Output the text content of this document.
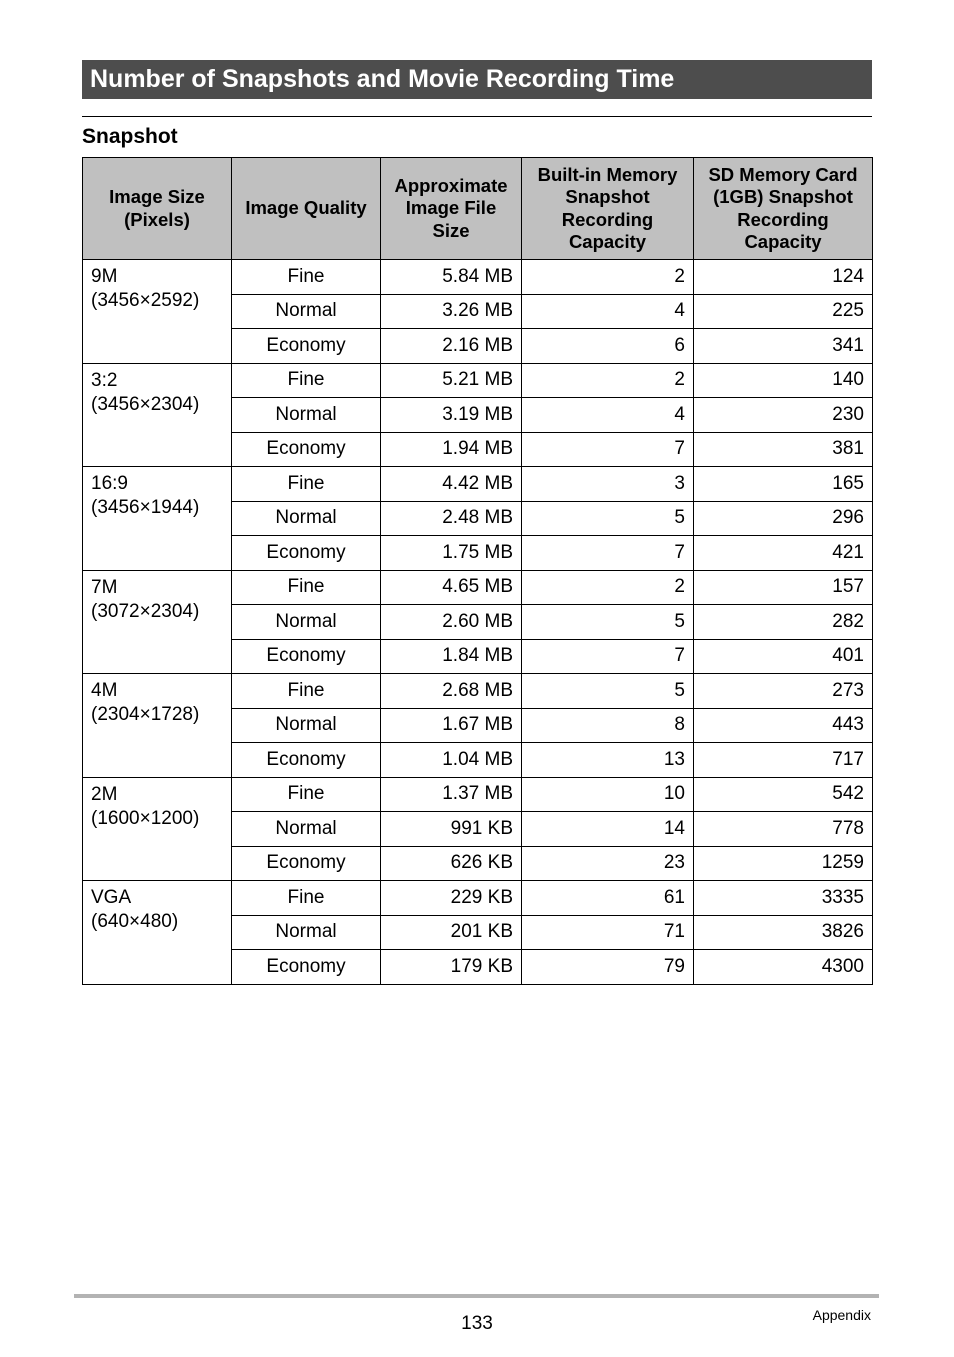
Number of Snapshots and Movie Recording Time
Snapshot
Image Size (Pixels)	Image Quality	Approximate Image File Size	Built-in Memory Snapshot Recording Capacity	SD Memory Card (1GB) Snapshot Recording Capacity

9M
(3456×2592)	Fine	5.84 MB	2	124
	Normal	3.26 MB	4	225
	Economy	2.16 MB	6	341

3:2
(3456×2304)	Fine	5.21 MB	2	140
	Normal	3.19 MB	4	230
	Economy	1.94 MB	7	381

16:9
(3456×1944)	Fine	4.42 MB	3	165
	Normal	2.48 MB	5	296
	Economy	1.75 MB	7	421

7M
(3072×2304)	Fine	4.65 MB	2	157
	Normal	2.60 MB	5	282
	Economy	1.84 MB	7	401

4M
(2304×1728)	Fine	2.68 MB	5	273
	Normal	1.67 MB	8	443
	Economy	1.04 MB	13	717

2M
(1600×1200)	Fine	1.37 MB	10	542
	Normal	991 KB	14	778
	Economy	626 KB	23	1259

VGA
(640×480)	Fine	229 KB	61	3335
	Normal	201 KB	71	3826
	Economy	179 KB	79	4300
133	Appendix
